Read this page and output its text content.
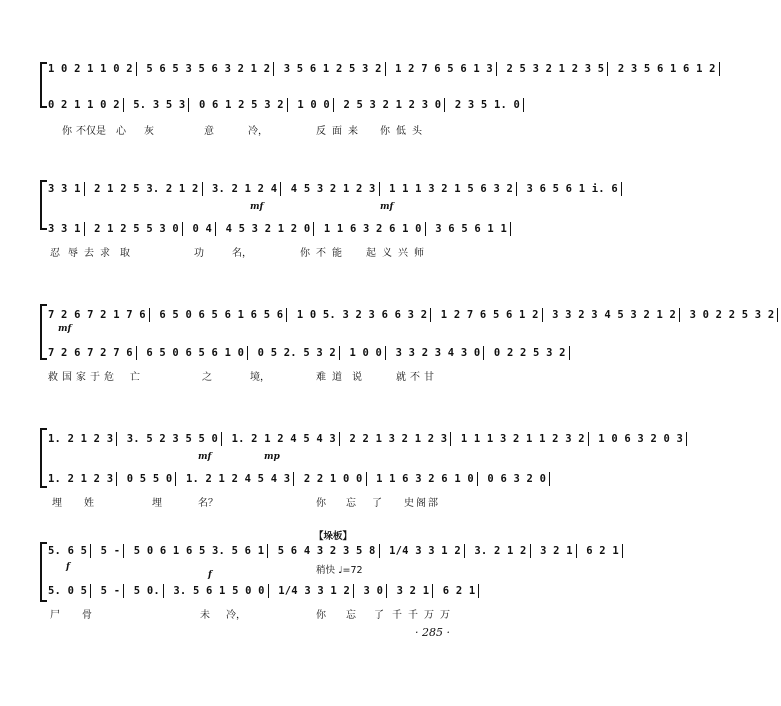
1 0 2 1 1 0 2 5 6 5 3 5 6 3 2 1 2 3 5 6 1 2 5 3 2 1 2 7 6 5 6 1 3 2 5 3 2 1 2 3 5 2 3 5 6 1 6 1 2
0 2 1 1 0 2 5. 3 5 3 0 6 1 2 5 3 2 1 0 0 2 5 3 2 1 2 3 0 2 3 5 1. 0
你 不仅是 心 灰	意	冷，	反 面 来 你 低 头
3 3 1 2 1 2 5 3. 2 1 2 3. 2 1 2 4 4 5 3 2 1 2 3 1 1 1 3 2 1 5 6 3 2 3 6 5 6 1 i. 6
mf	mf
3 3 1 2 1 2 5 5 3 0 0 4 4 5 3 2 1 2 0 1 1 6 3 2 6 1 0 3 6 5 6 1 1
忍 辱 去 求 取	功	名，	你 不 能 起 义 兴 师
7 2 6 7 2 1 7 6 6 5 0 6 5 6 1 6 5 6 1 0 5. 3 2 3 6 6 3 2 1 2 7 6 5 6 1 2 3 3 2 3 4 5 3 2 1 2 3 0 2 2 5 3 2
mf
7 2 6 7 2 7 6 6 5 0 6 5 6 1 0 0 5 2. 5 3 2 1 0 0 3 3 2 3 4 3 0 0 2 2 5 3 2
救 国 家 于 危 亡	之	境，	难 道 说	就 不 甘
1. 2 1 2 3 3. 5 2 3 5 5 0 1. 2 1 2 4 5 4 3 2 2 1 3 2 1 2 3 1 1 1 3 2 1 1 2 3 2 1 0 6 3 2 0 3
mf	mp
1. 2 1 2 3 0 5 5 0 1. 2 1 2 4 5 4 3 2 2 1 0 0 1 1 6 3 2 6 1 0 0 6 3 2 0
埋 姓	埋	名？	你 忘 了 史 阁 部
【垛板】
5. 6 5 5 - 5 0 6 1 6 5 3. 5 6 1 5 6 4 3 2 3 5 8 1/4 3 3 1 2 3. 2 1 2 3 2 1 6 2 1
f
f	稍快 ♩=72
5. 0 5 5 - 5 0. 3. 5 6 1 5 0 0 1/4 3 3 1 2 3 0 3 2 1 6 2 1
尸 骨	未 冷，	你 忘 了 千 千 万 万
· 285 ·
